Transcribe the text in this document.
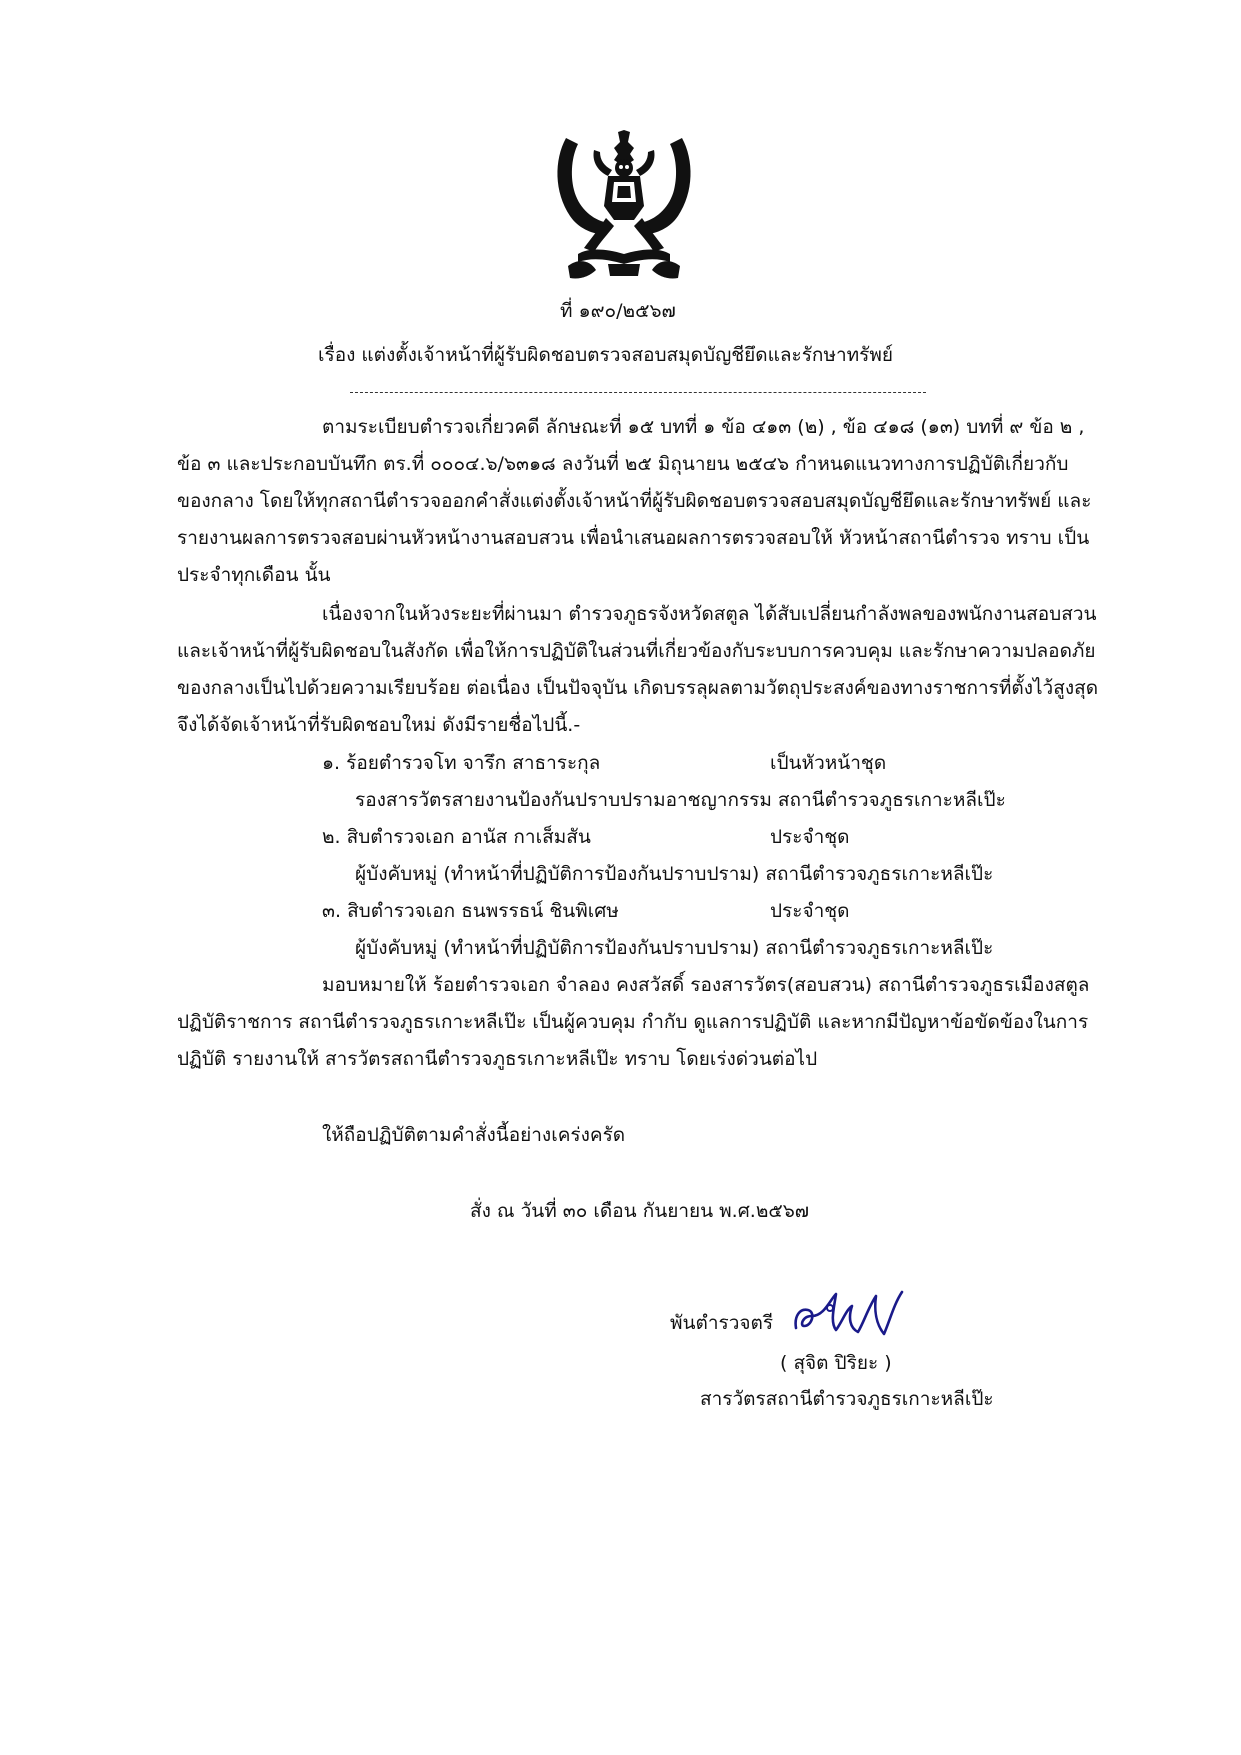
ที่ ๑๙๐/๒๕๖๗
เรื่อง แต่งตั้งเจ้าหน้าที่ผู้รับผิดชอบตรวจสอบสมุดบัญชียึดและรักษาทรัพย์
ตามระเบียบตำรวจเกี่ยวคดี ลักษณะที่ ๑๕ บทที่ ๑ ข้อ ๔๑๓ (๒) , ข้อ ๔๑๘ (๑๓) บทที่ ๙ ข้อ ๒ ,
ข้อ ๓ และประกอบบันทึก ตร.ที่ ๐๐๐๔.๖/๖๓๑๘ ลงวันที่ ๒๕ มิถุนายน ๒๕๔๖ กำหนดแนวทางการปฏิบัติเกี่ยวกับ
ของกลาง โดยให้ทุกสถานีตำรวจออกคำสั่งแต่งตั้งเจ้าหน้าที่ผู้รับผิดชอบตรวจสอบสมุดบัญชียึดและรักษาทรัพย์ และ
รายงานผลการตรวจสอบผ่านหัวหน้างานสอบสวน เพื่อนำเสนอผลการตรวจสอบให้ หัวหน้าสถานีตำรวจ ทราบ เป็น
ประจำทุกเดือน นั้น
เนื่องจากในห้วงระยะที่ผ่านมา ตำรวจภูธรจังหวัดสตูล ได้สับเปลี่ยนกำลังพลของพนักงานสอบสวน
และเจ้าหน้าที่ผู้รับผิดชอบในสังกัด เพื่อให้การปฏิบัติในส่วนที่เกี่ยวข้องกับระบบการควบคุม และรักษาความปลอดภัย
ของกลางเป็นไปด้วยความเรียบร้อย ต่อเนื่อง เป็นปัจจุบัน เกิดบรรลุผลตามวัตถุประสงค์ของทางราชการที่ตั้งไว้สูงสุด
จึงได้จัดเจ้าหน้าที่รับผิดชอบใหม่ ดังมีรายชื่อไปนี้.-
๑. ร้อยตำรวจโท จารึก สาธาระกุล	เป็นหัวหน้าชุด
รองสารวัตรสายงานป้องกันปราบปรามอาชญากรรม สถานีตำรวจภูธรเกาะหลีเป๊ะ
๒. สิบตำรวจเอก อานัส กาเส็มสัน	ประจำชุด
ผู้บังคับหมู่ (ทำหน้าที่ปฏิบัติการป้องกันปราบปราม) สถานีตำรวจภูธรเกาะหลีเป๊ะ
๓. สิบตำรวจเอก ธนพรรธน์ ชินพิเศษ	ประจำชุด
ผู้บังคับหมู่ (ทำหน้าที่ปฏิบัติการป้องกันปราบปราม) สถานีตำรวจภูธรเกาะหลีเป๊ะ
มอบหมายให้ ร้อยตำรวจเอก จำลอง คงสวัสดิ์ รองสารวัตร(สอบสวน) สถานีตำรวจภูธรเมืองสตูล
ปฏิบัติราชการ สถานีตำรวจภูธรเกาะหลีเป๊ะ เป็นผู้ควบคุม กำกับ ดูแลการปฏิบัติ และหากมีปัญหาข้อขัดข้องในการ
ปฏิบัติ รายงานให้ สารวัตรสถานีตำรวจภูธรเกาะหลีเป๊ะ ทราบ โดยเร่งด่วนต่อไป
ให้ถือปฏิบัติตามคำสั่งนี้อย่างเคร่งครัด
สั่ง ณ วันที่ ๓๐ เดือน กันยายน พ.ศ.๒๕๖๗
พันตำรวจตรี
( สุจิต ปิริยะ )
สารวัตรสถานีตำรวจภูธรเกาะหลีเป๊ะ
